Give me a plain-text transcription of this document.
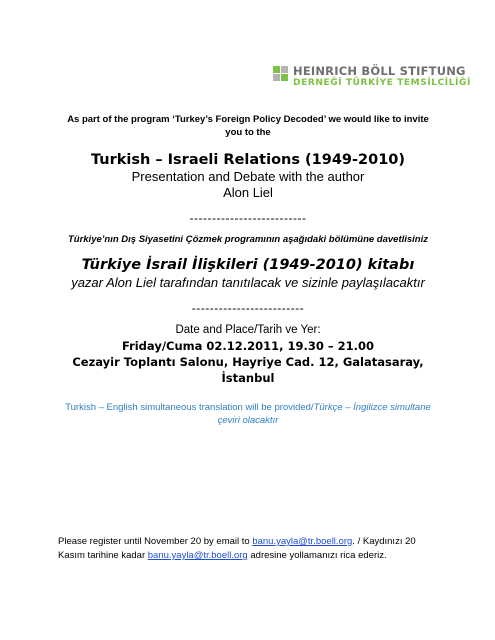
HEINRICH BÖLL STIFTUNG
DERNEĞİ TÜRKİYE TEMSİLCİLİĞİ

As part of the program ‘Turkey’s Foreign Policy Decoded’ we would like to invite you to the

Turkish – Israeli Relations (1949-2010)

Presentation and Debate with the author

Alon Liel

--------------------------

Türkiye’nın Dış Siyasetini Çözmek programının aşağıdaki bölümüne davetlisiniz

Türkiye İsrail İlişkileri (1949-2010) kitabı

yazar Alon Liel tarafından tanıtılacak ve sizinle paylaşılacaktır

-------------------------

Date and Place/Tarih ve Yer:

Friday/Cuma 02.12.2011, 19.30 – 21.00

Cezayir Toplantı Salonu, Hayriye Cad. 12, Galatasaray, İstanbul

Turkish – English simultaneous translation will be provided/Türkçe – İngilizce simultane çeviri olacaktır

Please register until November 20 by email to banu.yayla@tr.boell.org. / Kaydınızı 20 Kasım tarihine kadar banu.yayla@tr.boell.org adresine yollamanızı rica ederiz.
